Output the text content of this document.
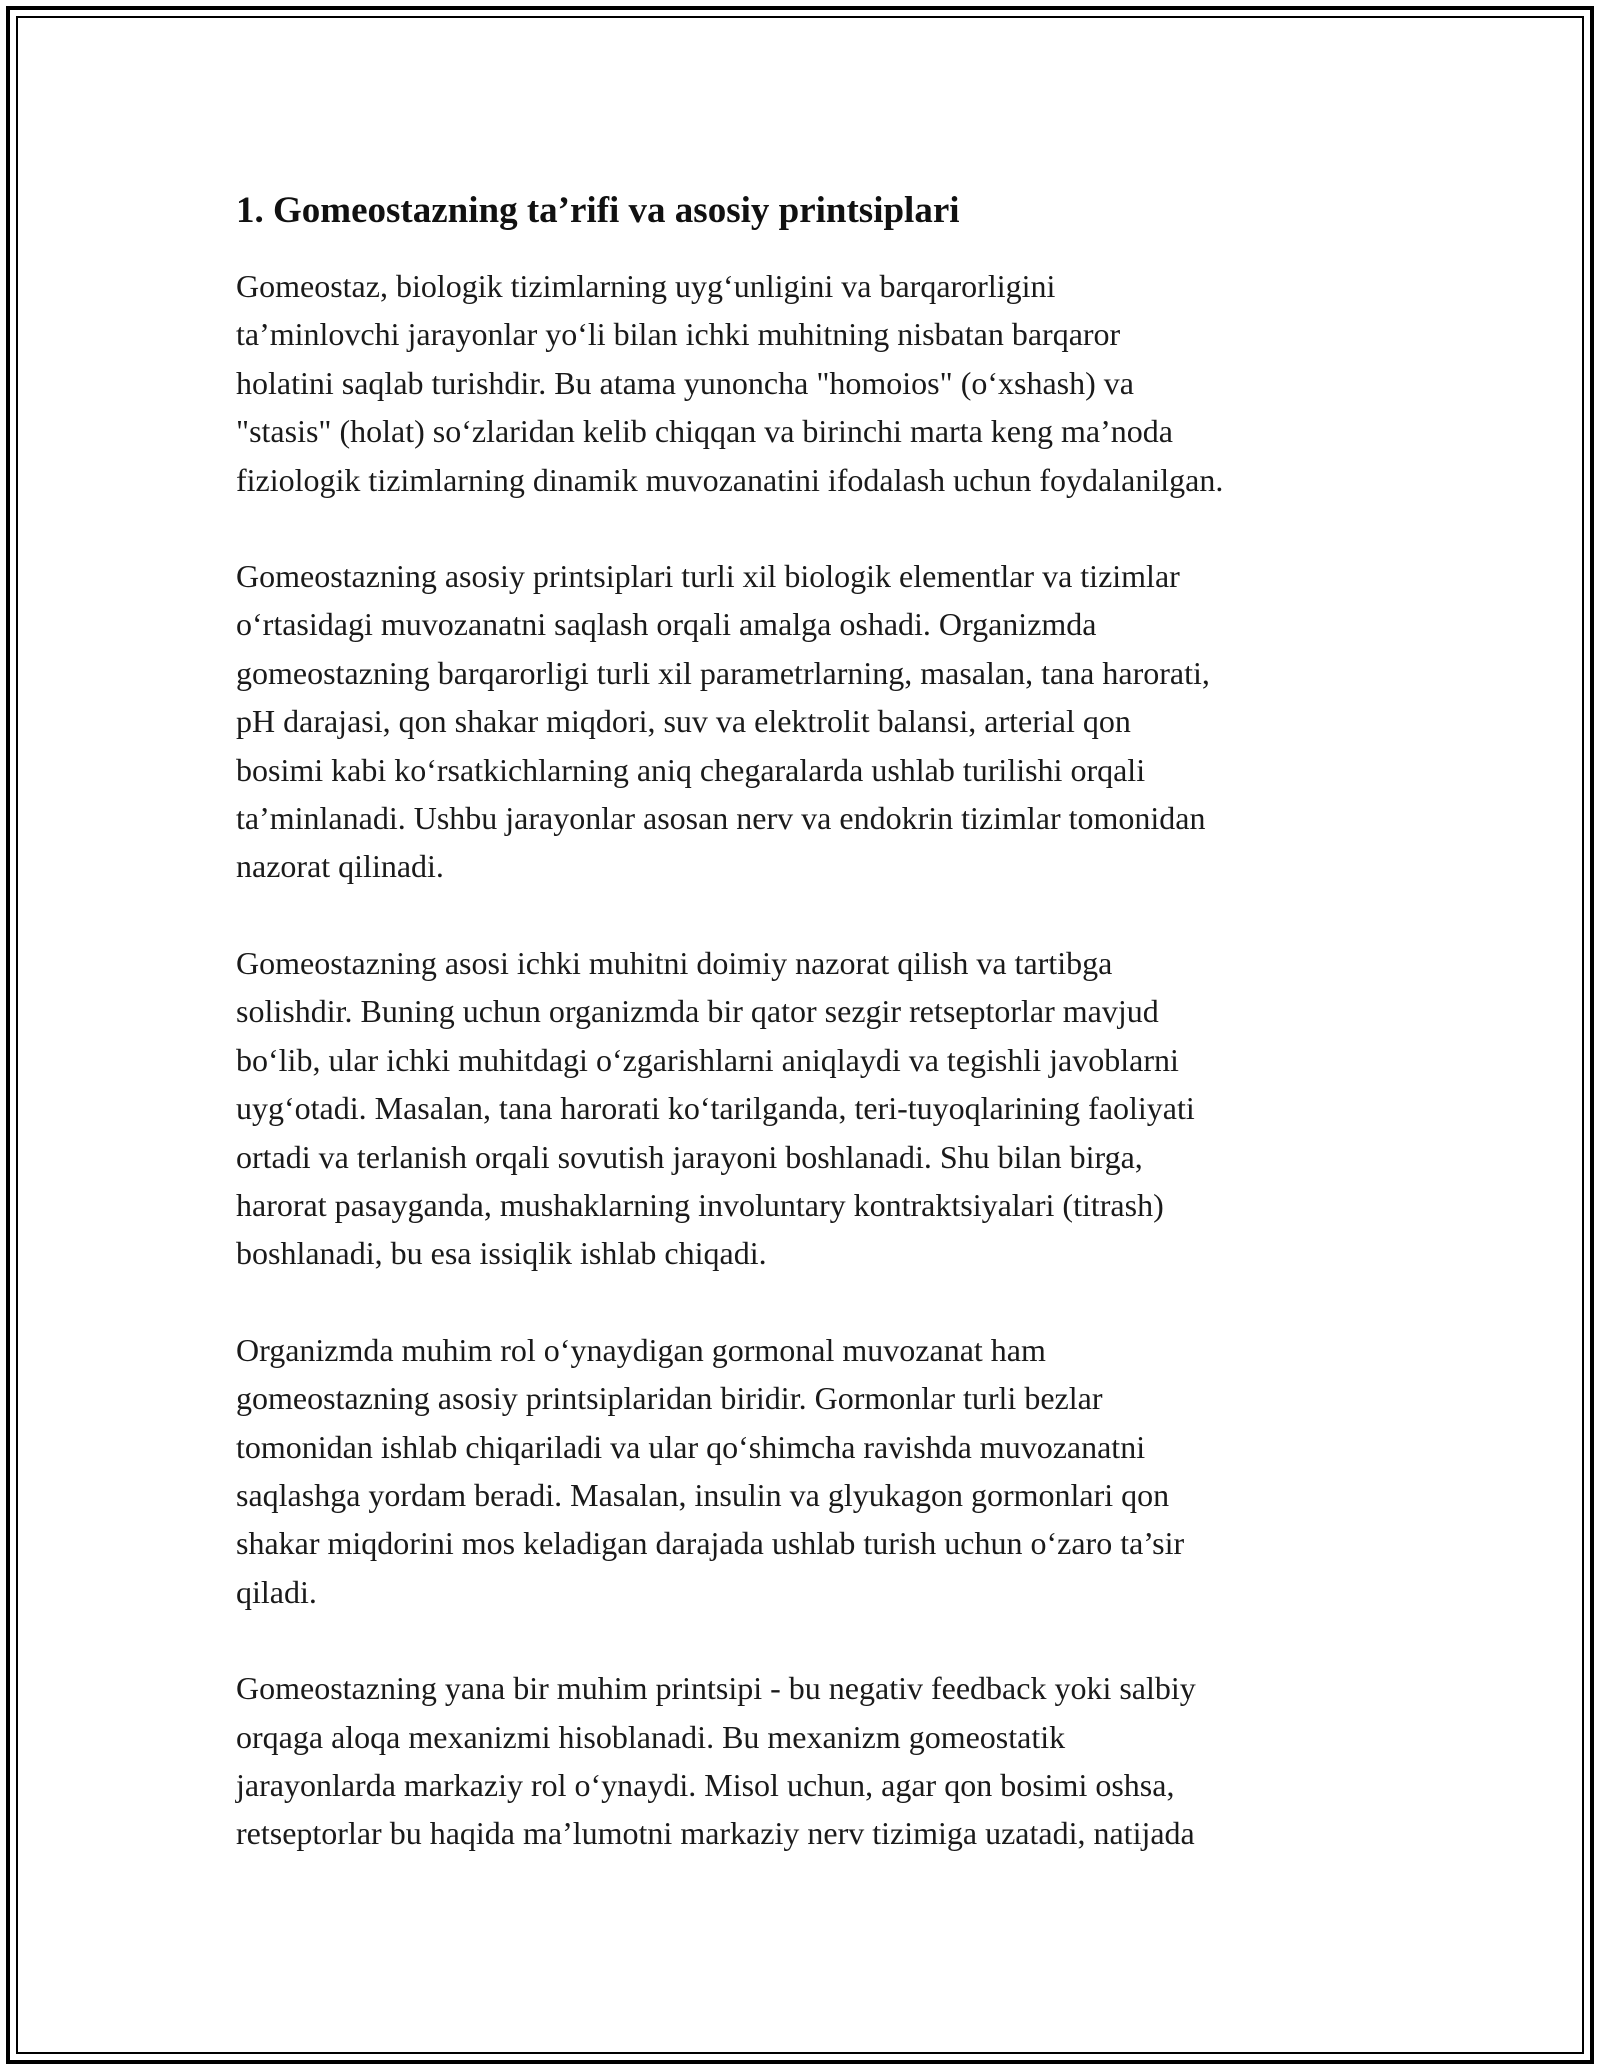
1. Gomeostazning ta’rifi va asosiy printsiplari

Gomeostaz, biologik tizimlarning uyg‘unligini va barqarorligini
ta’minlovchi jarayonlar yo‘li bilan ichki muhitning nisbatan barqaror
holatini saqlab turishdir. Bu atama yunoncha "homoios" (o‘xshash) va
"stasis" (holat) so‘zlaridan kelib chiqqan va birinchi marta keng ma’noda
fiziologik tizimlarning dinamik muvozanatini ifodalash uchun foydalanilgan.

Gomeostazning asosiy printsiplari turli xil biologik elementlar va tizimlar
o‘rtasidagi muvozanatni saqlash orqali amalga oshadi. Organizmda
gomeostazning barqarorligi turli xil parametrlarning, masalan, tana harorati,
pH darajasi, qon shakar miqdori, suv va elektrolit balansi, arterial qon
bosimi kabi ko‘rsatkichlarning aniq chegaralarda ushlab turilishi orqali
ta’minlanadi. Ushbu jarayonlar asosan nerv va endokrin tizimlar tomonidan
nazorat qilinadi.

Gomeostazning asosi ichki muhitni doimiy nazorat qilish va tartibga
solishdir. Buning uchun organizmda bir qator sezgir retseptorlar mavjud
bo‘lib, ular ichki muhitdagi o‘zgarishlarni aniqlaydi va tegishli javoblarni
uyg‘otadi. Masalan, tana harorati ko‘tarilganda, teri-tuyoqlarining faoliyati
ortadi va terlanish orqali sovutish jarayoni boshlanadi. Shu bilan birga,
harorat pasayganda, mushaklarning involuntary kontraktsiyalari (titrash)
boshlanadi, bu esa issiqlik ishlab chiqadi.

Organizmda muhim rol o‘ynaydigan gormonal muvozanat ham
gomeostazning asosiy printsiplaridan biridir. Gormonlar turli bezlar
tomonidan ishlab chiqariladi va ular qo‘shimcha ravishda muvozanatni
saqlashga yordam beradi. Masalan, insulin va glyukagon gormonlari qon
shakar miqdorini mos keladigan darajada ushlab turish uchun o‘zaro ta’sir
qiladi.

Gomeostazning yana bir muhim printsipi - bu negativ feedback yoki salbiy
orqaga aloqa mexanizmi hisoblanadi. Bu mexanizm gomeostatik
jarayonlarda markaziy rol o‘ynaydi. Misol uchun, agar qon bosimi oshsa,
retseptorlar bu haqida ma’lumotni markaziy nerv tizimiga uzatadi, natijada
